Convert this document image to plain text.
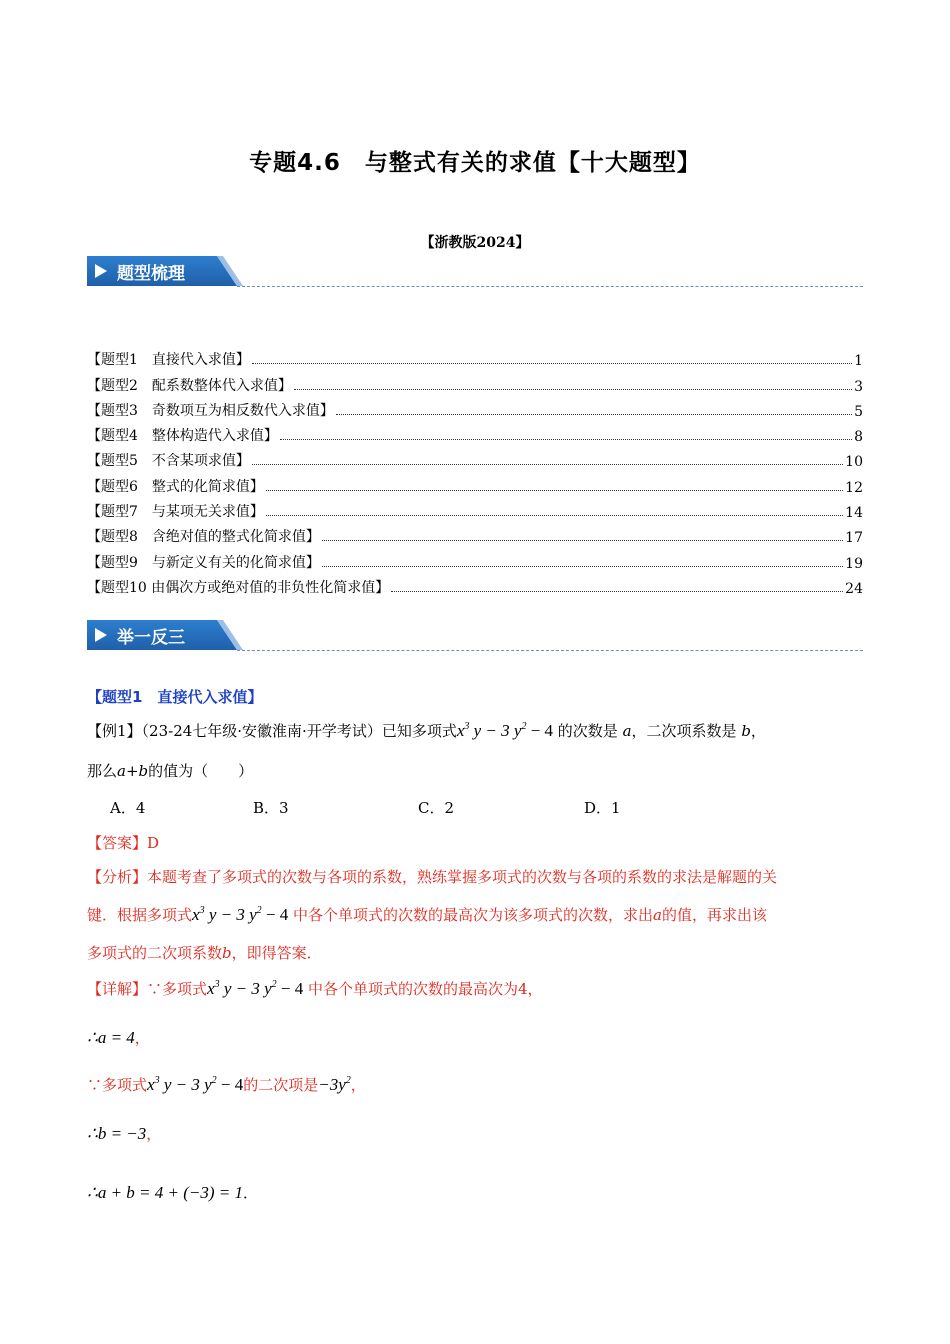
专题4.6　与整式有关的求值【十大题型】
【浙教版2024】
题型梳理
【题型1　直接代入求值】	1
【题型2　配系数整体代入求值】	3
【题型3　奇数项互为相反数代入求值】	5
【题型4　整体构造代入求值】	8
【题型5　不含某项求值】	10
【题型6　整式的化简求值】	12
【题型7　与某项无关求值】	14
【题型8　含绝对值的整式化简求值】	17
【题型9　与新定义有关的化简求值】	19
【题型10 由偶次方或绝对值的非负性化简求值】	24
举一反三
【题型1　直接代入求值】
【例1】（23-24七年级·安徽淮南·开学考试）已知多项式$x^3$ y − 3 $y^2 - 4$ 的次数是 a，二次项系数是 b，
那么a+b的值为（　　）
A．4	B．3	C．2	D．1
【答案】D
【分析】本题考查了多项式的次数与各项的系数，熟练掌握多项式的次数与各项的系数的求法是解题的关
键．根据多项式$x^3$ y − 3 $y^2 - 4$ 中各个单项式的次数的最高次为该多项式的次数，求出a的值，再求出该
多项式的二次项系数b，即得答案．
【详解】∵多项式$x^3$ y − 3 $y^2 - 4$ 中各个单项式的次数的最高次为4，
∴a = 4，
∵多项式$x^3$ y − 3 $y^2 - 4$的二次项是$-3y^2$，
∴b = −3，
∴a + b = 4 + (−3) = 1．
